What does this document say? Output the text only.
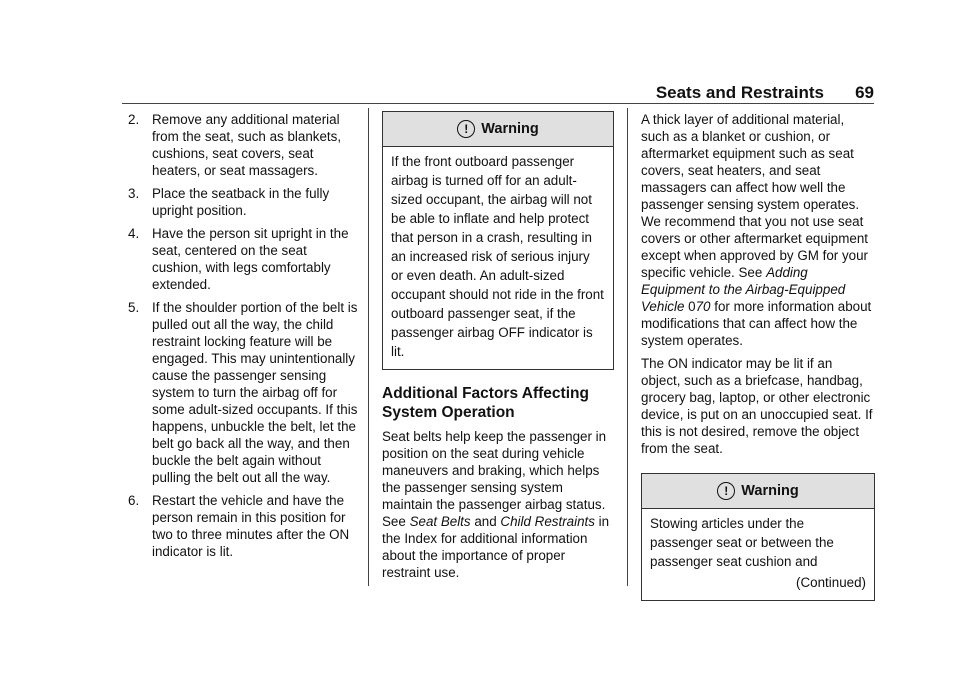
Seats and Restraints 69
2. Remove any additional material from the seat, such as blankets, cushions, seat covers, seat heaters, or seat massagers.
3. Place the seatback in the fully upright position.
4. Have the person sit upright in the seat, centered on the seat cushion, with legs comfortably extended.
5. If the shoulder portion of the belt is pulled out all the way, the child restraint locking feature will be engaged. This may unintentionally cause the passenger sensing system to turn the airbag off for some adult-sized occupants. If this happens, unbuckle the belt, let the belt go back all the way, and then buckle the belt again without pulling the belt out all the way.
6. Restart the vehicle and have the person remain in this position for two to three minutes after the ON indicator is lit.
! Warning
If the front outboard passenger airbag is turned off for an adult-sized occupant, the airbag will not be able to inflate and help protect that person in a crash, resulting in an increased risk of serious injury or even death. An adult-sized occupant should not ride in the front outboard passenger seat, if the passenger airbag OFF indicator is lit.
Additional Factors Affecting System Operation

Seat belts help keep the passenger in position on the seat during vehicle maneuvers and braking, which helps the passenger sensing system maintain the passenger airbag status. See Seat Belts and Child Restraints in the Index for additional information about the importance of proper restraint use.

A thick layer of additional material, such as a blanket or cushion, or aftermarket equipment such as seat covers, seat heaters, and seat massagers can affect how well the passenger sensing system operates. We recommend that you not use seat covers or other aftermarket equipment except when approved by GM for your specific vehicle. See Adding Equipment to the Airbag-Equipped Vehicle 070 for more information about modifications that can affect how the system operates.

The ON indicator may be lit if an object, such as a briefcase, handbag, grocery bag, laptop, or other electronic device, is put on an unoccupied seat. If this is not desired, remove the object from the seat.

! Warning
Stowing articles under the passenger seat or between the passenger seat cushion and
(Continued)
